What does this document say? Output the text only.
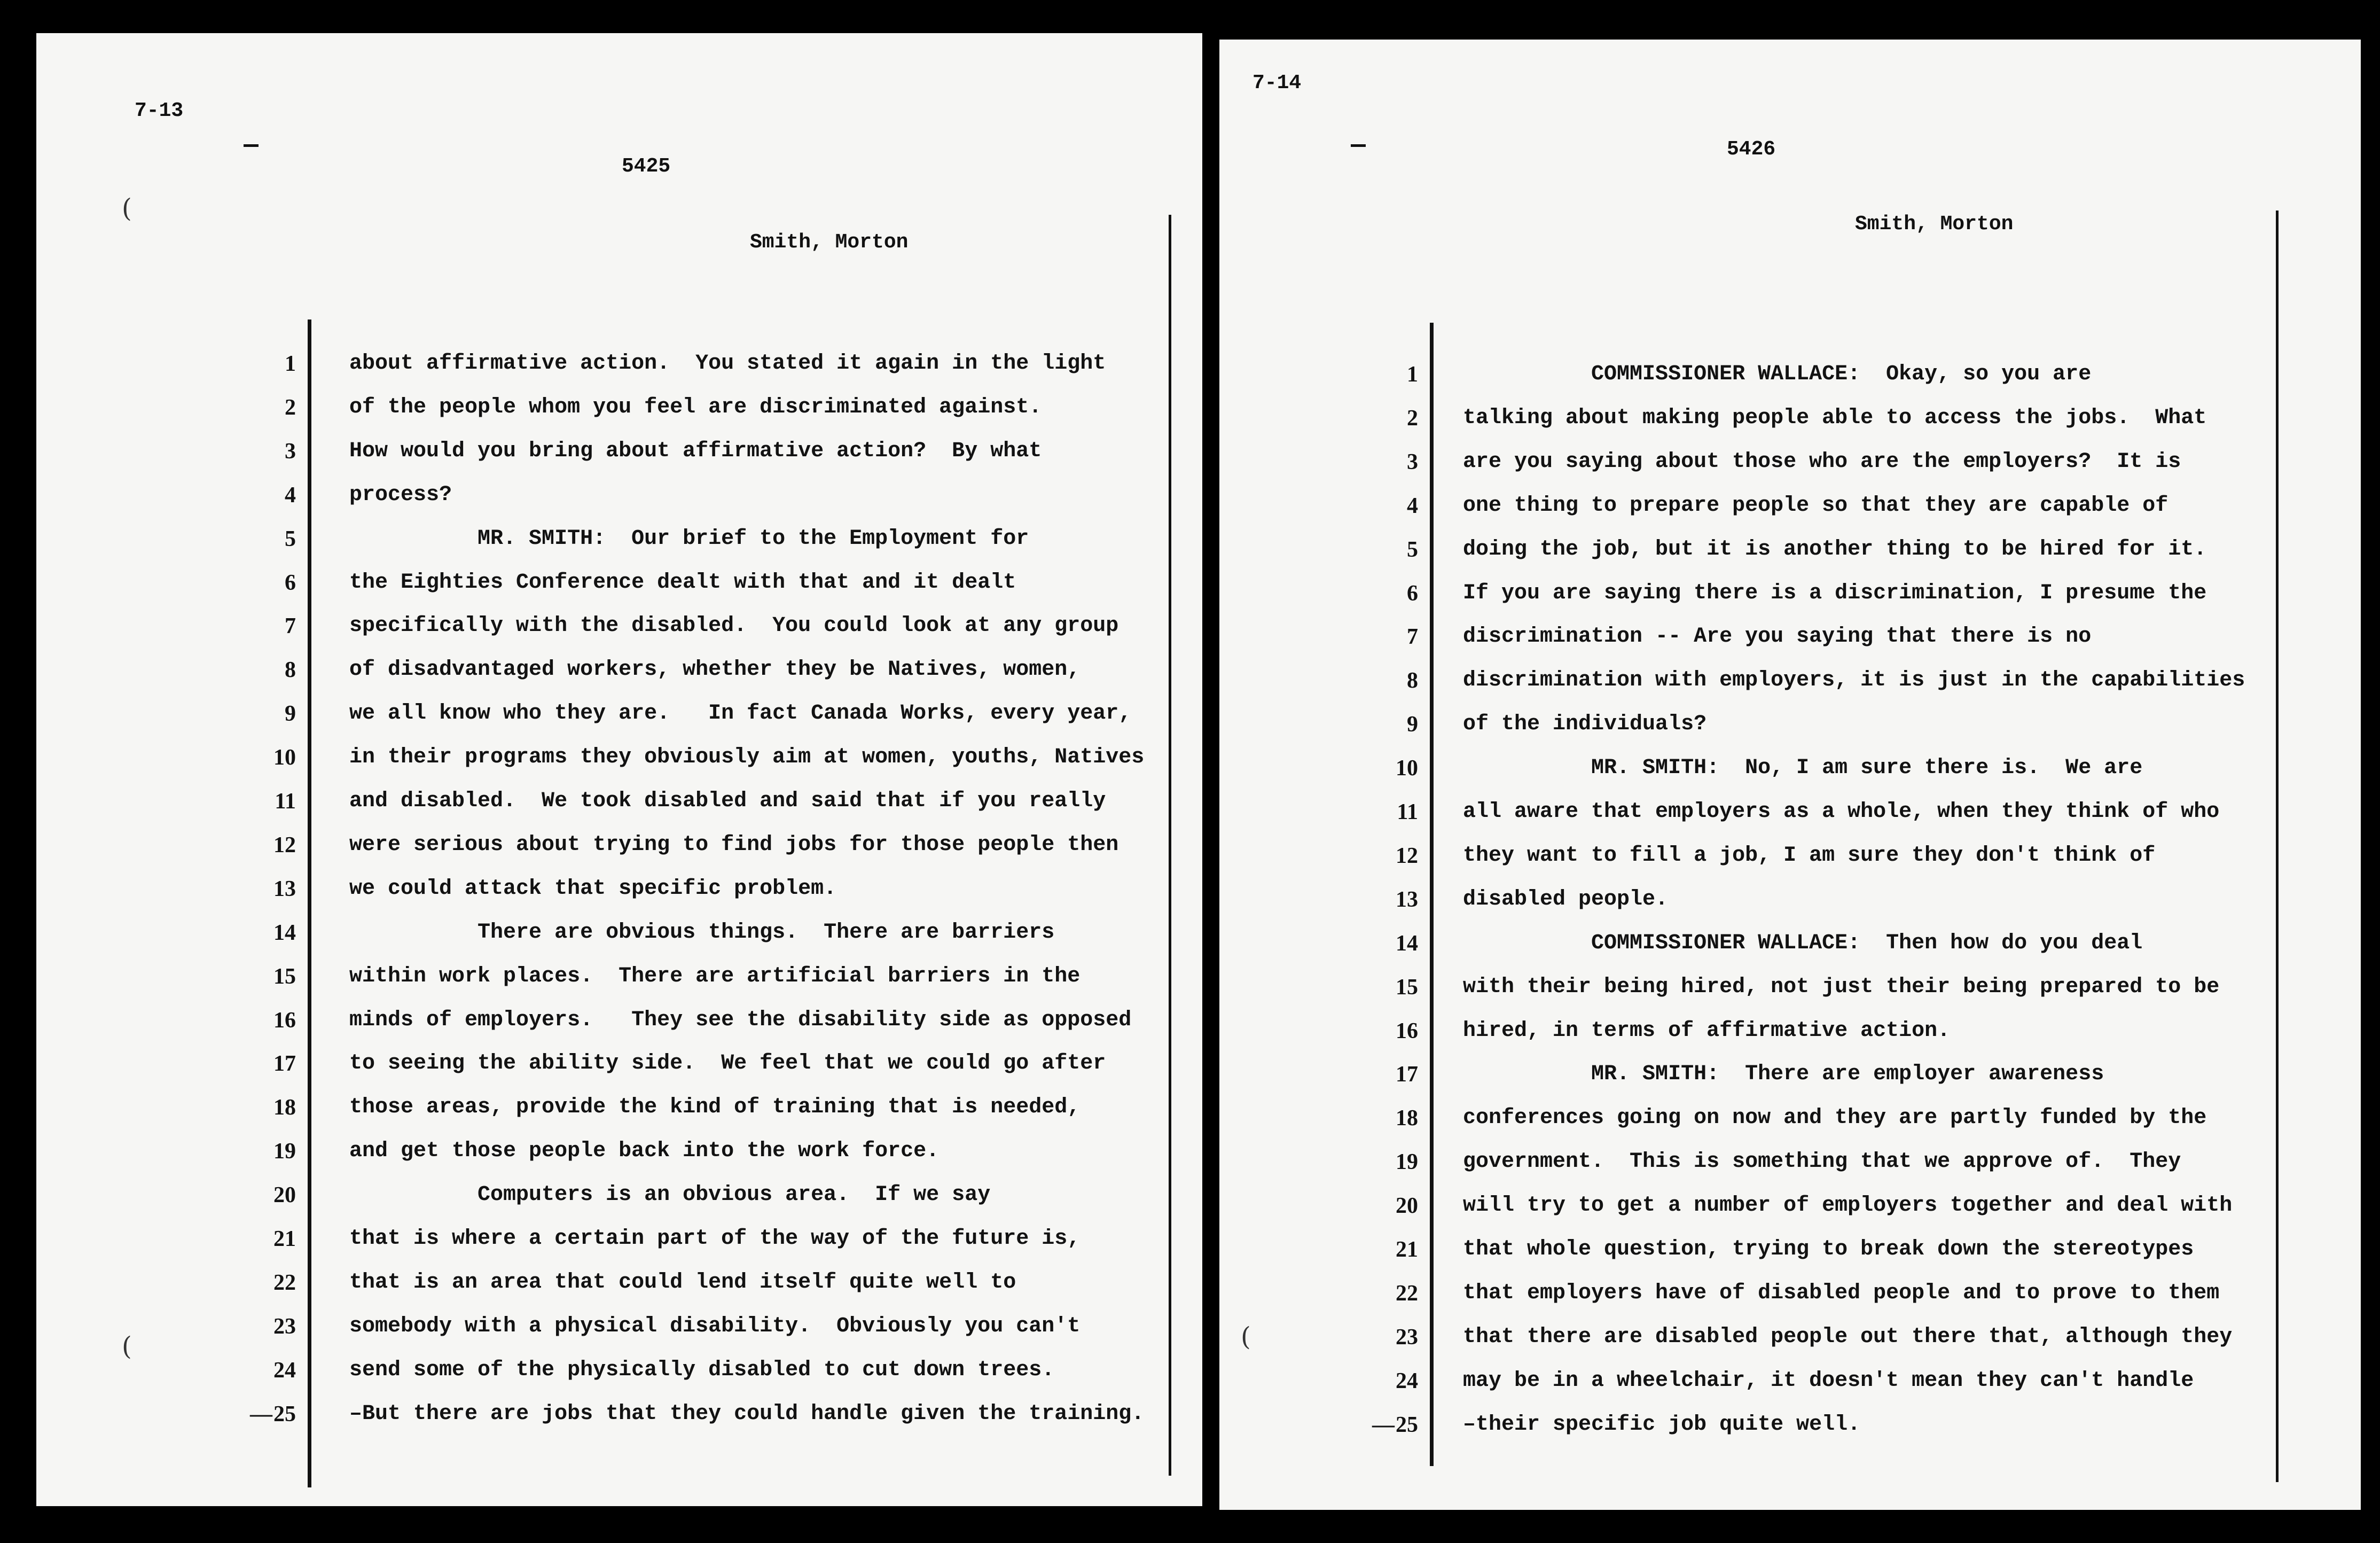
7-13
(
(
5425
Smith, Morton
1	about affirmative action.  You stated it again in the light
2	of the people whom you feel are discriminated against.
3	How would you bring about affirmative action?  By what
4	process?
5	MR. SMITH:  Our brief to the Employment for
6	the Eighties Conference dealt with that and it dealt
7	specifically with the disabled.  You could look at any group
8	of disadvantaged workers, whether they be Natives, women,
9	we all know who they are.   In fact Canada Works, every year,
10	in their programs they obviously aim at women, youths, Natives
11	and disabled.  We took disabled and said that if you really
12	were serious about trying to find jobs for those people then
13	we could attack that specific problem.
14	There are obvious things.  There are barriers
15	within work places.  There are artificial barriers in the
16	minds of employers.   They see the disability side as opposed
17	to seeing the ability side.  We feel that we could go after
18	those areas, provide the kind of training that is needed,
19	and get those people back into the work force.
20	Computers is an obvious area.  If we say
21	that is where a certain part of the way of the future is,
22	that is an area that could lend itself quite well to
23	somebody with a physical disability.  Obviously you can't
24	send some of the physically disabled to cut down trees.
— 25	– But there are jobs that they could handle given the training.
7-14
(
5426
Smith, Morton
1 COMMISSIONER WALLACE:  Okay, so you are
2 talking about making people able to access the jobs.  What
3 are you saying about those who are the employers?  It is
4 one thing to prepare people so that they are capable of
5 doing the job, but it is another thing to be hired for it.
6 If you are saying there is a discrimination, I presume the
7 discrimination -- Are you saying that there is no
8 discrimination with employers, it is just in the capabilities
9 of the individuals?
10 MR. SMITH:  No, I am sure there is.  We are
11 all aware that employers as a whole, when they think of who
12 they want to fill a job, I am sure they don't think of
13 disabled people.
14 COMMISSIONER WALLACE:  Then how do you deal
15 with their being hired, not just their being prepared to be
16 hired, in terms of affirmative action.
17 MR. SMITH:  There are employer awareness
18 conferences going on now and they are partly funded by the
19 government.  This is something that we approve of.  They
20 will try to get a number of employers together and deal with
21 that whole question, trying to break down the stereotypes
22 that employers have of disabled people and to prove to them
23 that there are disabled people out there that, although they
24 may be in a wheelchair, it doesn't mean they can't handle
— 25	– their specific job quite well.
